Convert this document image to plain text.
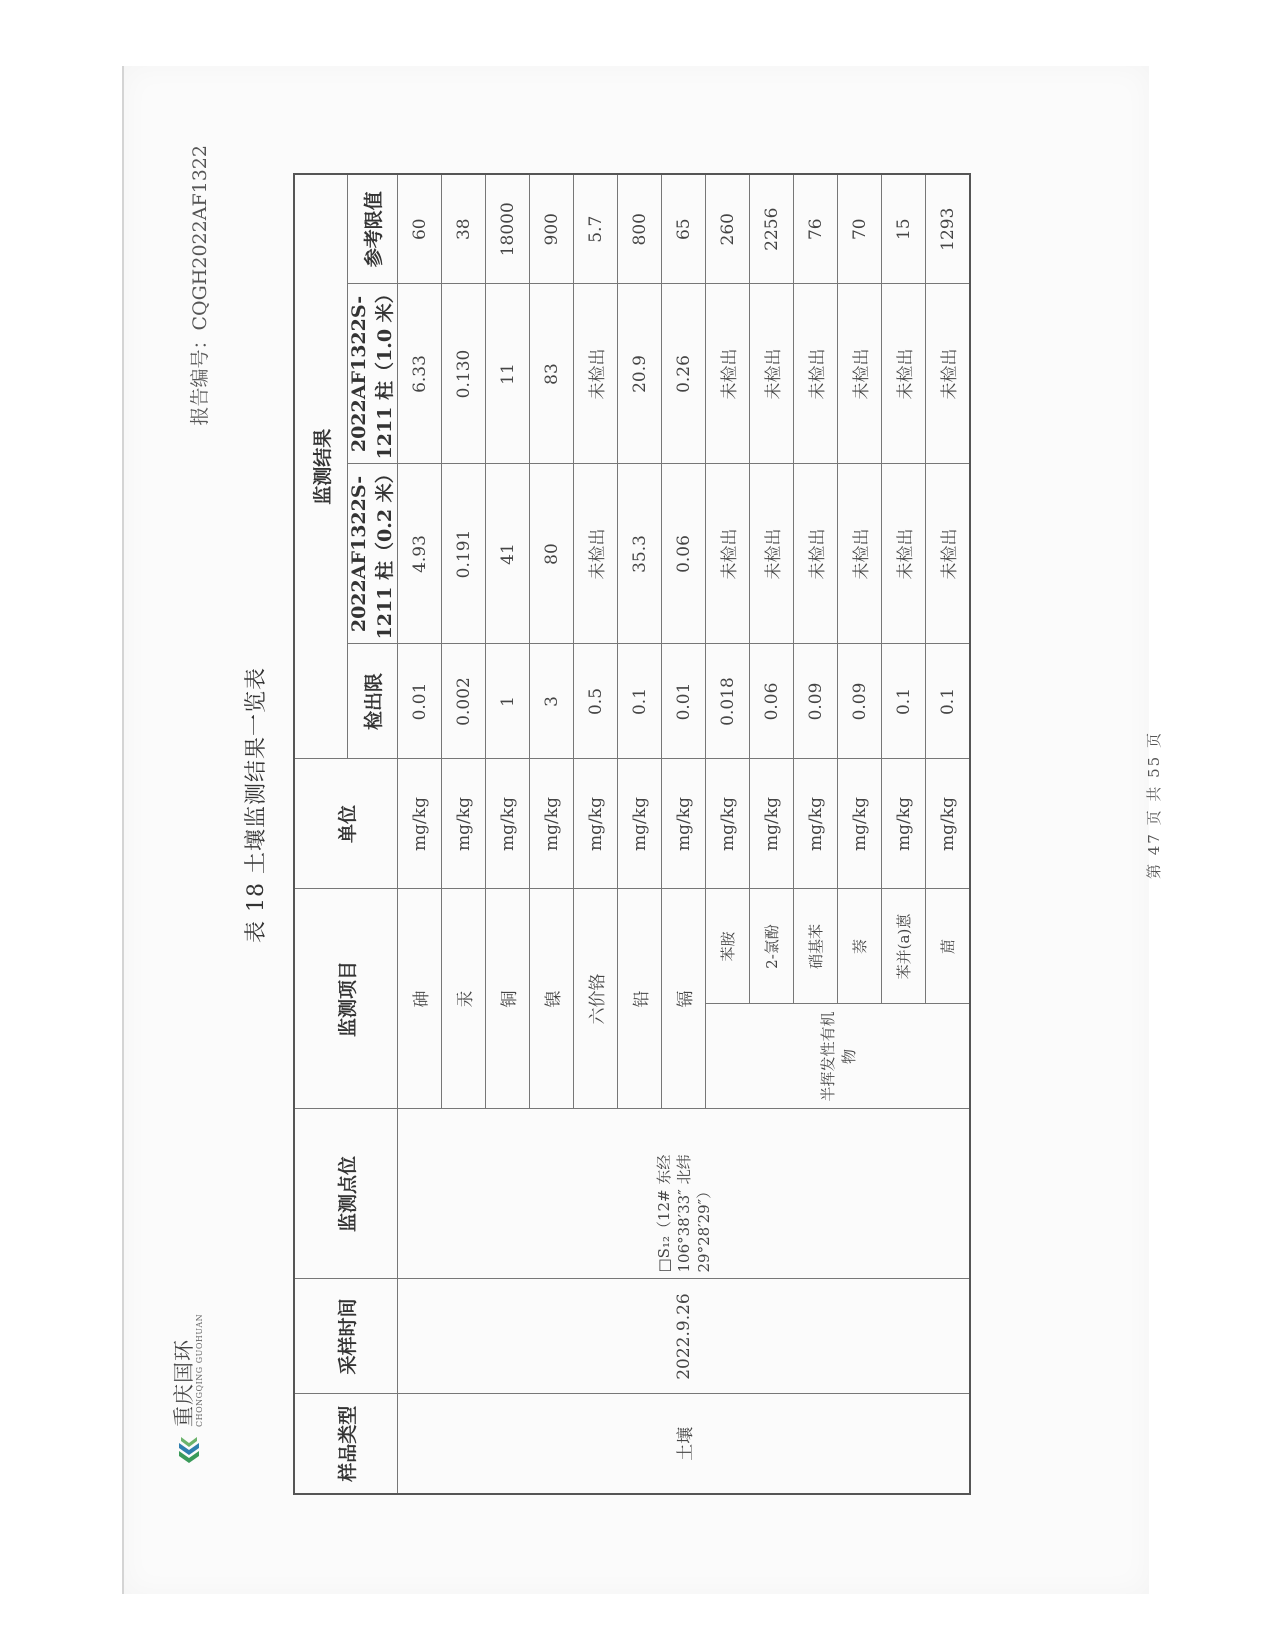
重庆国环 CHONGQING GUOHUAN
报告编号：CQGH2022AF1322
表 18 土壤监测结果一览表
样品类型	采样时间	监测点位	监测项目		单位	监测结果			
						检出限	2022AF1322S-1211 柱（0.2 米）	2022AF1322S-1211 柱（1.0 米）	参考限值
土壤	2022.9.26	□S₁₂（12# 东经 106°38′33″ 北纬 29°28′29″）	砷		mg/kg	0.01	4.93	6.33	60
			汞		mg/kg	0.002	0.191	0.130	38
			铜		mg/kg	1	41	11	18000
			镍		mg/kg	3	80	83	900
			六价铬		mg/kg	0.5	未检出	未检出	5.7
			铅		mg/kg	0.1	35.3	20.9	800
			镉		mg/kg	0.01	0.06	0.26	65
			半挥发性有机物	苯胺	mg/kg	0.018	未检出	未检出	260
				2-氯酚	mg/kg	0.06	未检出	未检出	2256
				硝基苯	mg/kg	0.09	未检出	未检出	76
				萘	mg/kg	0.09	未检出	未检出	70
				苯并(a)蒽	mg/kg	0.1	未检出	未检出	15
				䓛	mg/kg	0.1	未检出	未检出	1293
第 47 页 共 55 页
